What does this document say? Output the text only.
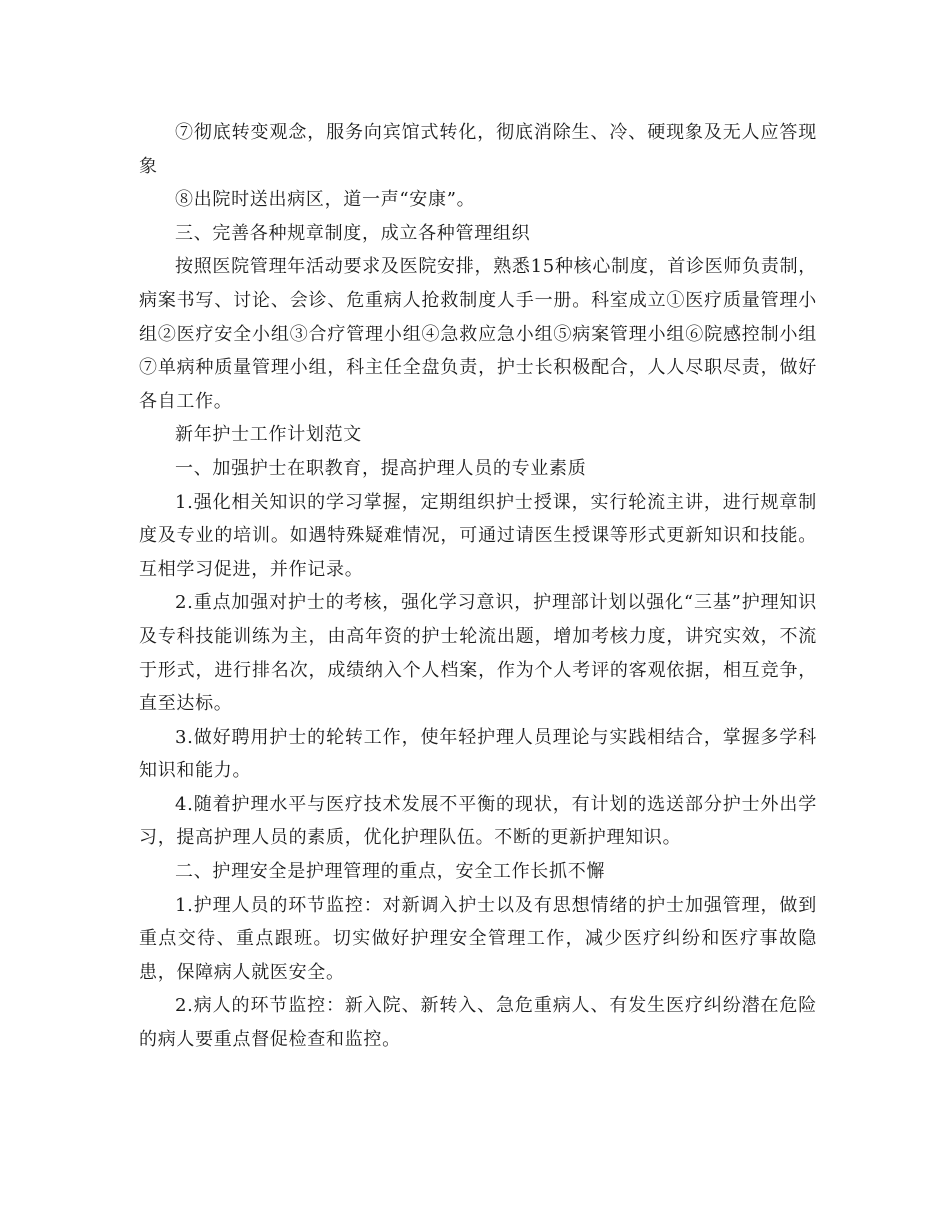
⑦彻底转变观念，服务向宾馆式转化，彻底消除生、冷、硬现象及无人应答现象

⑧出院时送出病区，道一声“安康”。

三、完善各种规章制度，成立各种管理组织

按照医院管理年活动要求及医院安排，熟悉15种核心制度，首诊医师负责制，病案书写、讨论、会诊、危重病人抢救制度人手一册。科室成立①医疗质量管理小组②医疗安全小组③合疗管理小组④急救应急小组⑤病案管理小组⑥院感控制小组⑦单病种质量管理小组，科主任全盘负责，护士长积极配合，人人尽职尽责，做好各自工作。

新年护士工作计划范文

一、加强护士在职教育，提高护理人员的专业素质

1.强化相关知识的学习掌握，定期组织护士授课，实行轮流主讲，进行规章制度及专业的培训。如遇特殊疑难情况，可通过请医生授课等形式更新知识和技能。互相学习促进，并作记录。

2.重点加强对护士的考核，强化学习意识，护理部计划以强化“三基”护理知识及专科技能训练为主，由高年资的护士轮流出题，增加考核力度，讲究实效，不流于形式，进行排名次，成绩纳入个人档案，作为个人考评的客观依据，相互竞争，直至达标。

3.做好聘用护士的轮转工作，使年轻护理人员理论与实践相结合，掌握多学科知识和能力。

4.随着护理水平与医疗技术发展不平衡的现状，有计划的选送部分护士外出学习，提高护理人员的素质，优化护理队伍。不断的更新护理知识。

二、护理安全是护理管理的重点，安全工作长抓不懈

1.护理人员的环节监控：对新调入护士以及有思想情绪的护士加强管理，做到重点交待、重点跟班。切实做好护理安全管理工作，减少医疗纠纷和医疗事故隐患，保障病人就医安全。

2.病人的环节监控：新入院、新转入、急危重病人、有发生医疗纠纷潜在危险的病人要重点督促检查和监控。
